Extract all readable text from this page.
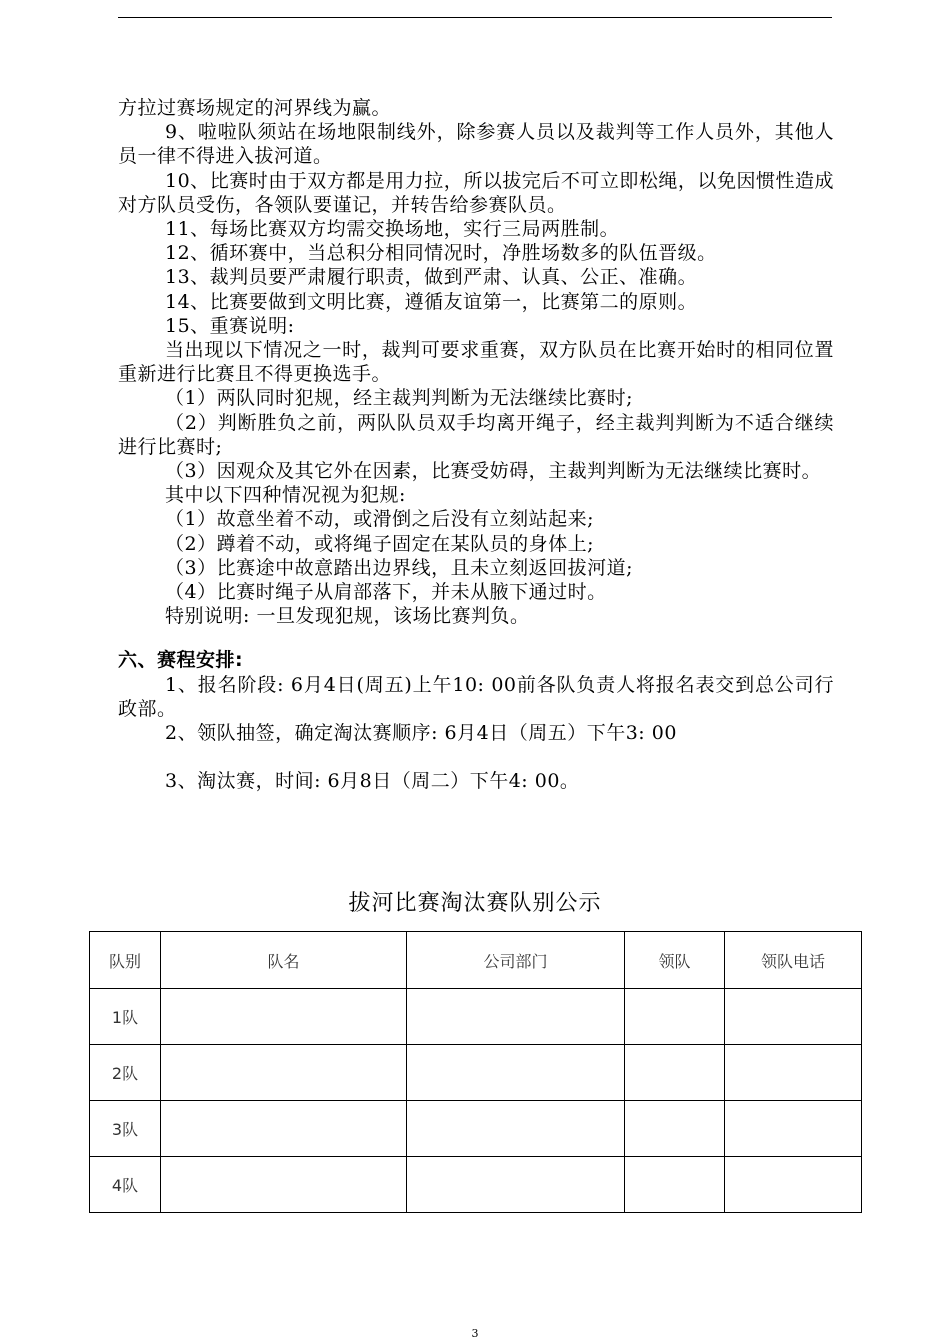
方拉过赛场规定的河界线为赢。

9、啦啦队须站在场地限制线外，除参赛人员以及裁判等工作人员外，其他人员一律不得进入拔河道。

10、比赛时由于双方都是用力拉，所以拔完后不可立即松绳，以免因惯性造成对方队员受伤，各领队要谨记，并转告给参赛队员。

11、每场比赛双方均需交换场地，实行三局两胜制。

12、循环赛中，当总积分相同情况时，净胜场数多的队伍晋级。

13、裁判员要严肃履行职责，做到严肃、认真、公正、准确。

14、比赛要做到文明比赛，遵循友谊第一，比赛第二的原则。

15、重赛说明:

当出现以下情况之一时，裁判可要求重赛，双方队员在比赛开始时的相同位置重新进行比赛且不得更换选手。

（1）两队同时犯规，经主裁判判断为无法继续比赛时;

（2）判断胜负之前，两队队员双手均离开绳子，经主裁判判断为不适合继续进行比赛时;

（3）因观众及其它外在因素，比赛受妨碍，主裁判判断为无法继续比赛时。

其中以下四种情况视为犯规:

（1）故意坐着不动，或滑倒之后没有立刻站起来;

（2）蹲着不动，或将绳子固定在某队员的身体上;

（3）比赛途中故意踏出边界线，且未立刻返回拔河道;

（4）比赛时绳子从肩部落下，并未从腋下通过时。

特别说明: 一旦发现犯规，该场比赛判负。

六、赛程安排:

1、报名阶段: 6月4日(周五)上午10: 00前各队负责人将报名表交到总公司行政部。

2、领队抽签，确定淘汰赛顺序: 6月4日（周五）下午3: 00

3、淘汰赛，时间: 6月8日（周二）下午4: 00。

拔河比赛淘汰赛队别公示
队别	队名	公司部门	领队	领队电话
1队				
2队				
3队				
4队				
3
